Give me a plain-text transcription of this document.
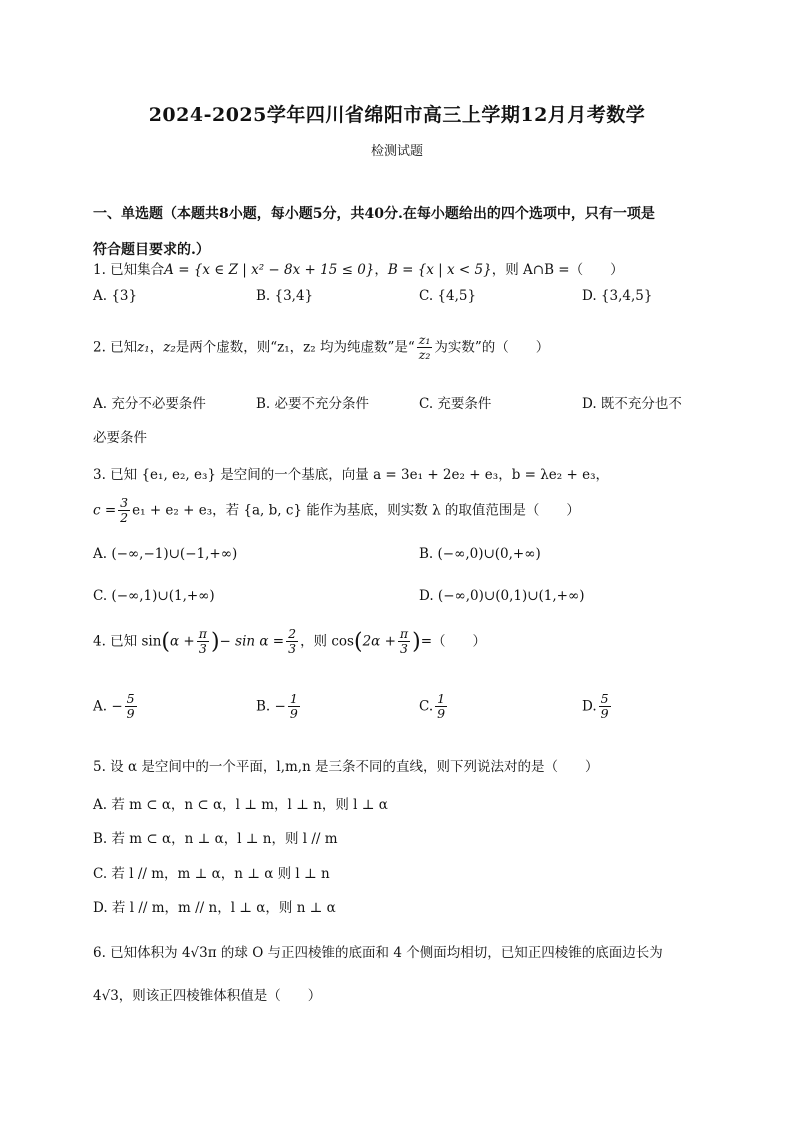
2024-2025学年四川省绵阳市高三上学期12月月考数学
检测试题
一、单选题（本题共8小题，每小题5分，共40分.在每小题给出的四个选项中，只有一项是
符合题目要求的.）
1. 已知集合A = {x ∈ Z | x² − 8x + 15 ≤ 0}，B = {x | x < 5}，则 A∩B =（　　）
A. {3}	B. {3,4}	C. {4,5}	D. {3,4,5}
2. 已知z₁，z₂是两个虚数，则“z₁，z₂ 均为纯虚数”是“ $\frac{\text{z₁}}{\text{z₂}}$ 为实数”的（　　）
A. 充分不必要条件	B. 必要不充分条件	C. 充要条件	D. 既不充分也不
必要条件
3. 已知 {e₁, e₂, e₃} 是空间的一个基底，向量 a = 3e₁ + 2e₂ + e₃，b = λe₂ + e₃，
$c = \frac{3}{2} e_1 + e_2 + e_3$，若 {a, b, c} 能作为基底，则实数 λ 的取值范围是（　　）
A. (−∞,−1)∪(−1,+∞)	B. (−∞,0)∪(0,+∞)
C. (−∞,1)∪(1,+∞)	D. (−∞,0)∪(0,1)∪(1,+∞)
4. 已知 $\sin(\alpha + \frac{\pi}{3}$ )− $\sin \alpha = \frac{2}{3}$ ，则 $\cos(2\alpha + \frac{\pi}{3}$ )=（　　）
A. − $\frac{5}{9}$	B. − $\frac{1}{9}$	C. $\frac{1}{9}$	D. $\frac{5}{9}$
5. 设 α 是空间中的一个平面，l,m,n 是三条不同的直线，则下列说法对的是（　　）
A. 若 m ⊂ α，n ⊂ α，l ⊥ m，l ⊥ n，则 l ⊥ α
B. 若 m ⊂ α，n ⊥ α，l ⊥ n，则 l // m
C. 若 l // m，m ⊥ α，n ⊥ α 则 l ⊥ n
D. 若 l // m，m // n，l ⊥ α，则 n ⊥ α
6. 已知体积为 4√3π 的球 O 与正四棱锥的底面和 4 个侧面均相切，已知正四棱锥的底面边长为
4√3，则该正四棱锥体积值是（　　）
